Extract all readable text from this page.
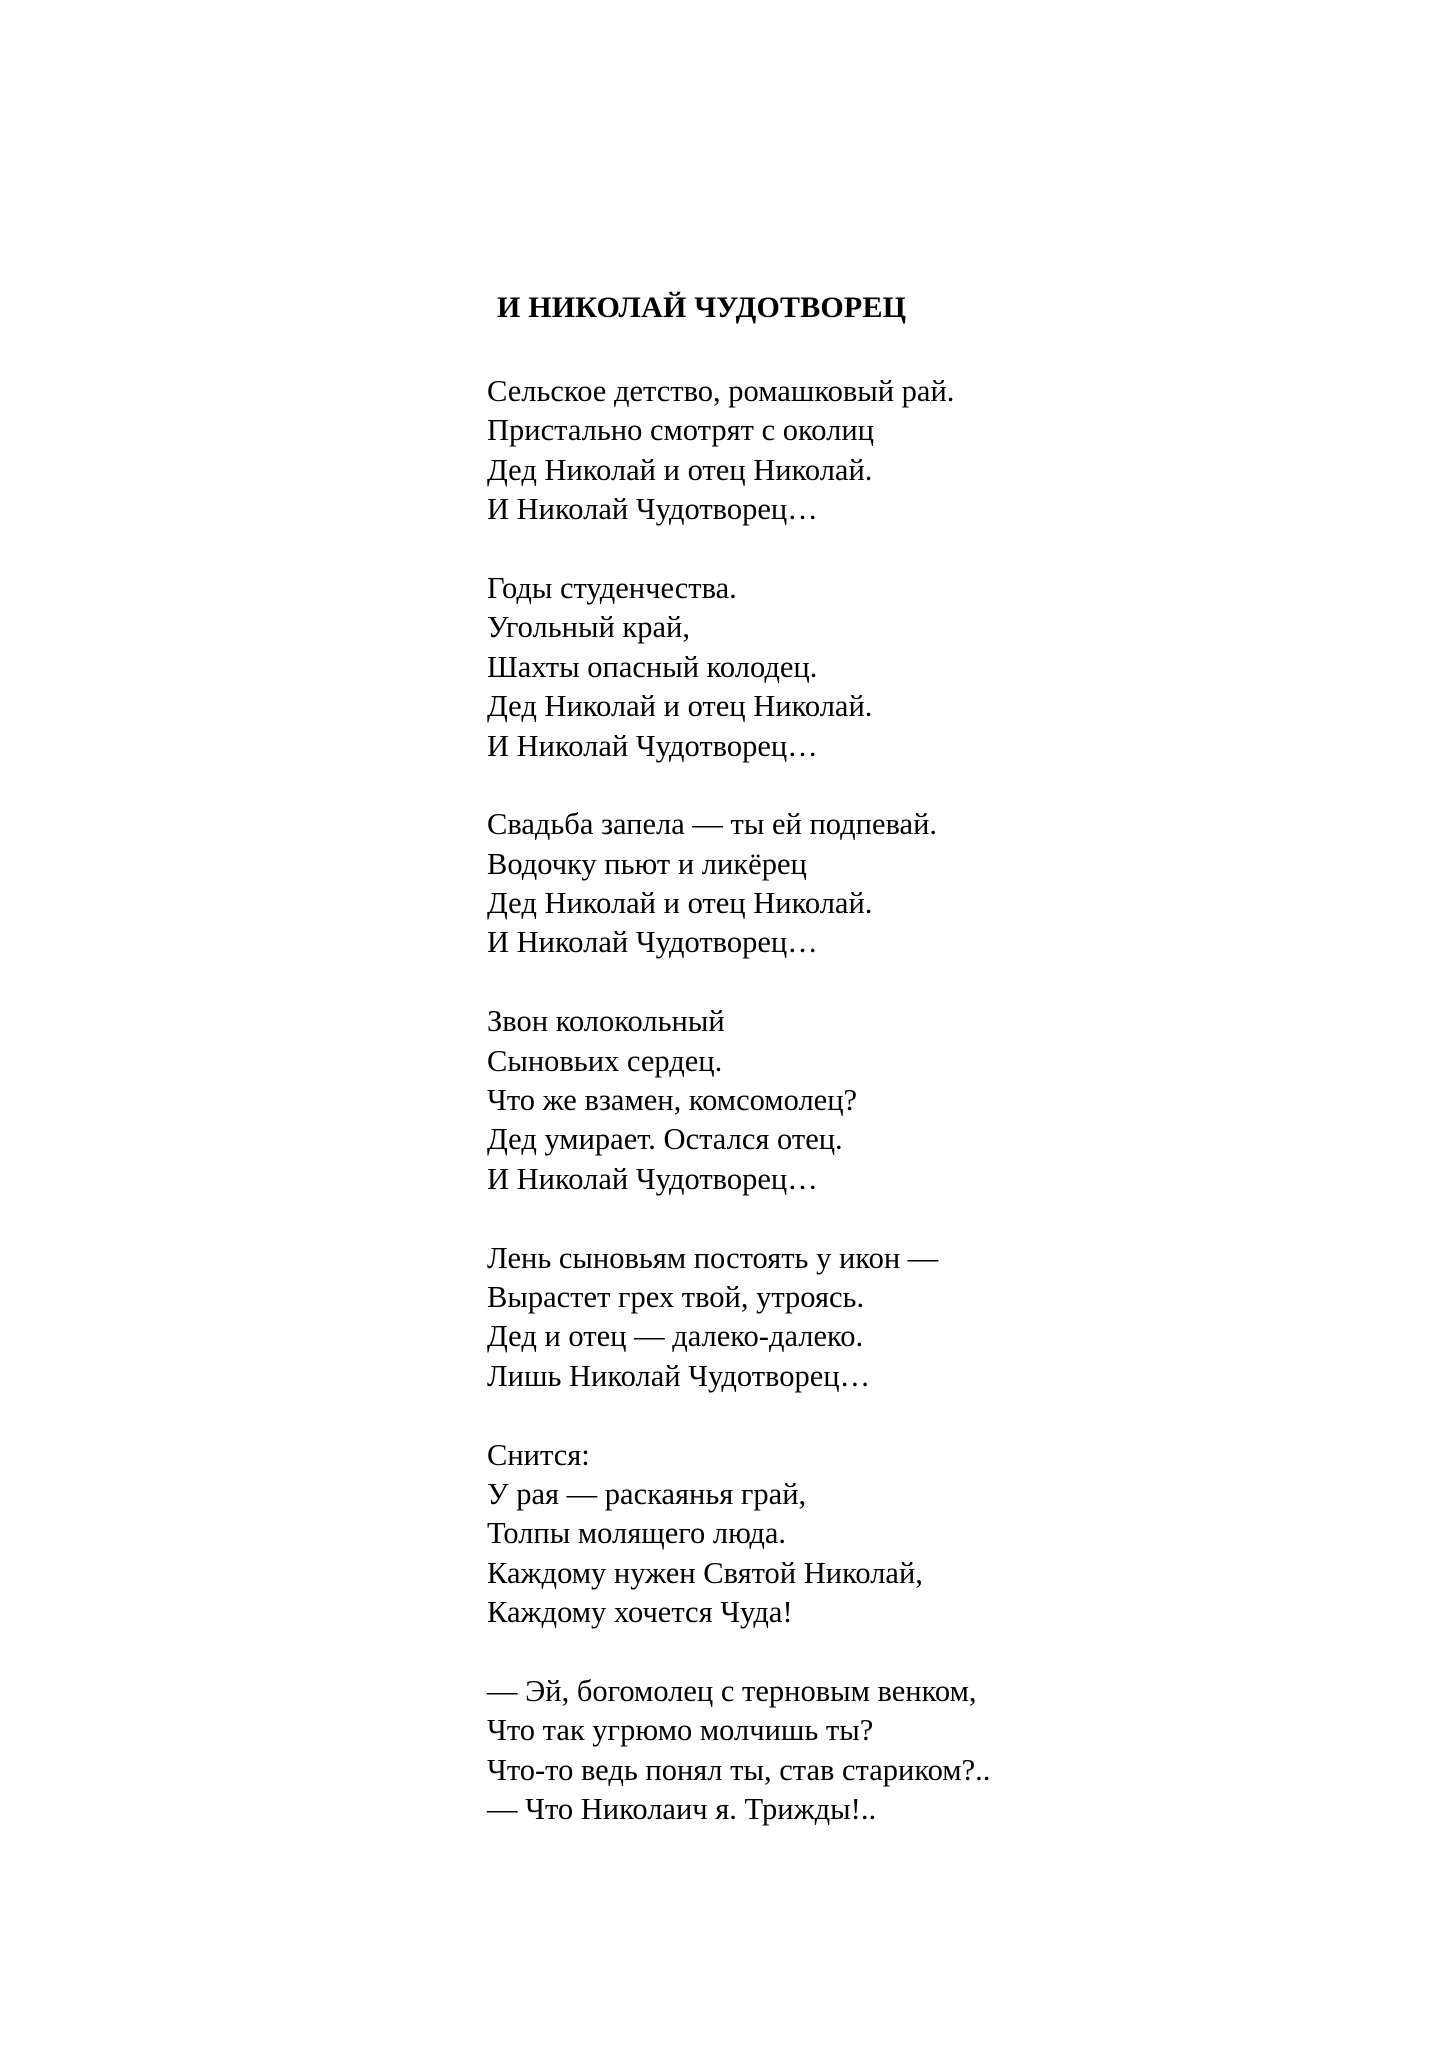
И НИКОЛАЙ ЧУДОТВОРЕЦ
Сельское детство, ромашковый рай.
Пристально смотрят с околиц
Дед Николай и отец Николай.
И Николай Чудотворец…
Годы студенчества.
Угольный край,
Шахты опасный колодец.
Дед Николай и отец Николай.
И Николай Чудотворец…
Свадьба запела — ты ей подпевай.
Водочку пьют и ликёрец
Дед Николай и отец Николай.
И Николай Чудотворец…
Звон колокольный
Сыновьих сердец.
Что же взамен, комсомолец?
Дед умирает. Остался отец.
И Николай Чудотворец…
Лень сыновьям постоять у икон —
Вырастет грех твой, утроясь.
Дед и отец — далеко-далеко.
Лишь Николай Чудотворец…
Снится:
У рая — раскаянья грай,
Толпы молящего люда.
Каждому нужен Святой Николай,
Каждому хочется Чуда!
— Эй, богомолец с терновым венком,
Что так угрюмо молчишь ты?
Что-то ведь понял ты, став стариком?..
— Что Николаич я. Трижды!..
